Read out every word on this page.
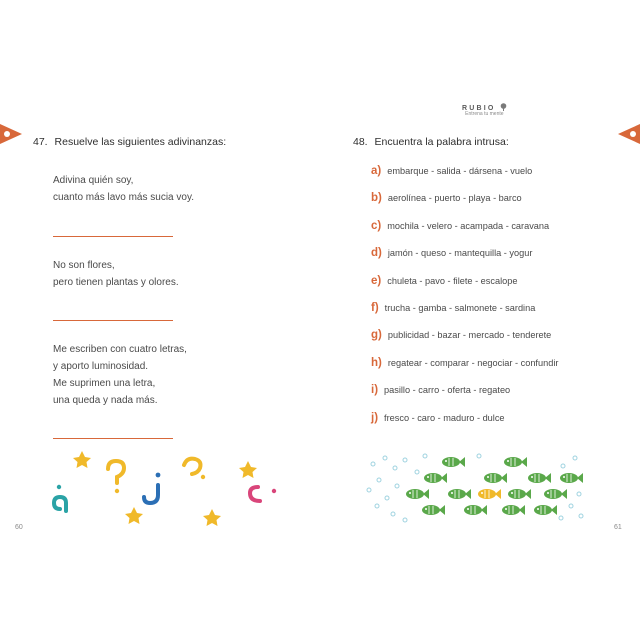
47. Resuelve las siguientes adivinanzas:
Adivina quién soy,
cuanto más lavo más sucia voy.
No son flores,
pero tienen plantas y olores.
Me escriben con cuatro letras,
y aporto luminosidad.
Me suprimen una letra,
una queda y nada más.
60
RUBIO
Entrena tu mente
48. Encuentra la palabra intrusa:
a) embarque - salida - dársena - vuelo
b) aerolínea - puerto - playa - barco
c) mochila - velero - acampada - caravana
d) jamón - queso - mantequilla - yogur
e) chuleta - pavo - filete - escalope
f) trucha - gamba - salmonete - sardina
g) publicidad - bazar - mercado - tenderete
h) regatear - comparar - negociar - confundir
i) pasillo - carro - oferta - regateo
j) fresco - caro - maduro - dulce
61
